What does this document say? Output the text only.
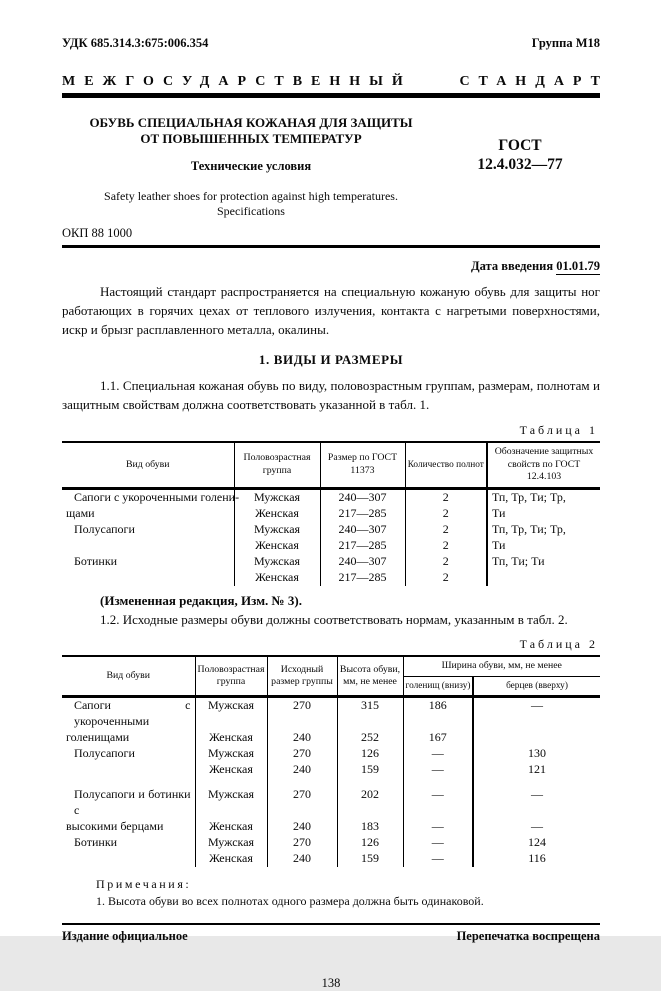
УДК 685.314.3:675:006.354	Группа М18
МЕЖГОСУДАРСТВЕННЫЙ	СТАНДАРТ
ОБУВЬ СПЕЦИАЛЬНАЯ КОЖАНАЯ ДЛЯ ЗАЩИТЫ
ОТ ПОВЫШЕННЫХ ТЕМПЕРАТУР
Технические условия
Safety leather shoes for protection against high temperatures.
Specifications
ГОСТ
12.4.032—77
ОКП 88 1000
Дата введения 01.01.79

Настоящий стандарт распространяется на специальную кожаную обувь для защиты ног работающих в горячих цехах от теплового излучения, контакта с нагретыми поверхностями, искр и брызг расплавленного металла, окалины.

1. ВИДЫ И РАЗМЕРЫ

1.1. Специальная кожаная обувь по виду, половозрастным группам, размерам, полнотам и защитным свойствам должна соответствовать указанной в табл. 1.

Таблица 1
Вид обуви	Половозрастная группа	Размер по ГОСТ 11373	Количество полнот	Обозначение защитных свойств по ГОСТ 12.4.103
Сапоги с укороченными голени-	Мужская	240—307	2	Тп, Тр, Ти; Тр,
щами	Женская	217—285	2	Ти
Полусапоги	Мужская	240—307	2	Тп, Тр, Ти; Тр,
	Женская	217—285	2	Ти
Ботинки	Мужская	240—307	2	Тп, Ти; Ти
	Женская	217—285	2	

(Измененная редакция, Изм. № 3).

1.2. Исходные размеры обуви должны соответствовать нормам, указанным в табл. 2.

Таблица 2
Вид обуви	Половозрастная группа	Исходный размер группы	Высота обуви, мм, не менее	Ширина обуви, мм, не менее	
				голенищ (внизу)	берцев (вверху)
Сапоги с укороченными	Мужская	270	315	186	—
голенищами	Женская	240	252	167	
Полусапоги	Мужская	270	126	—	130
	Женская	240	159	—	121

Полусапоги и ботинки с	Мужская	270	202	—	—
высокими берцами	Женская	240	183	—	—
Ботинки	Мужская	270	126	—	124
	Женская	240	159	—	116
Примечания:
1. Высота обуви во всех полнотах одного размера должна быть одинаковой.
Издание официальное	Перепечатка воспрещена
138
